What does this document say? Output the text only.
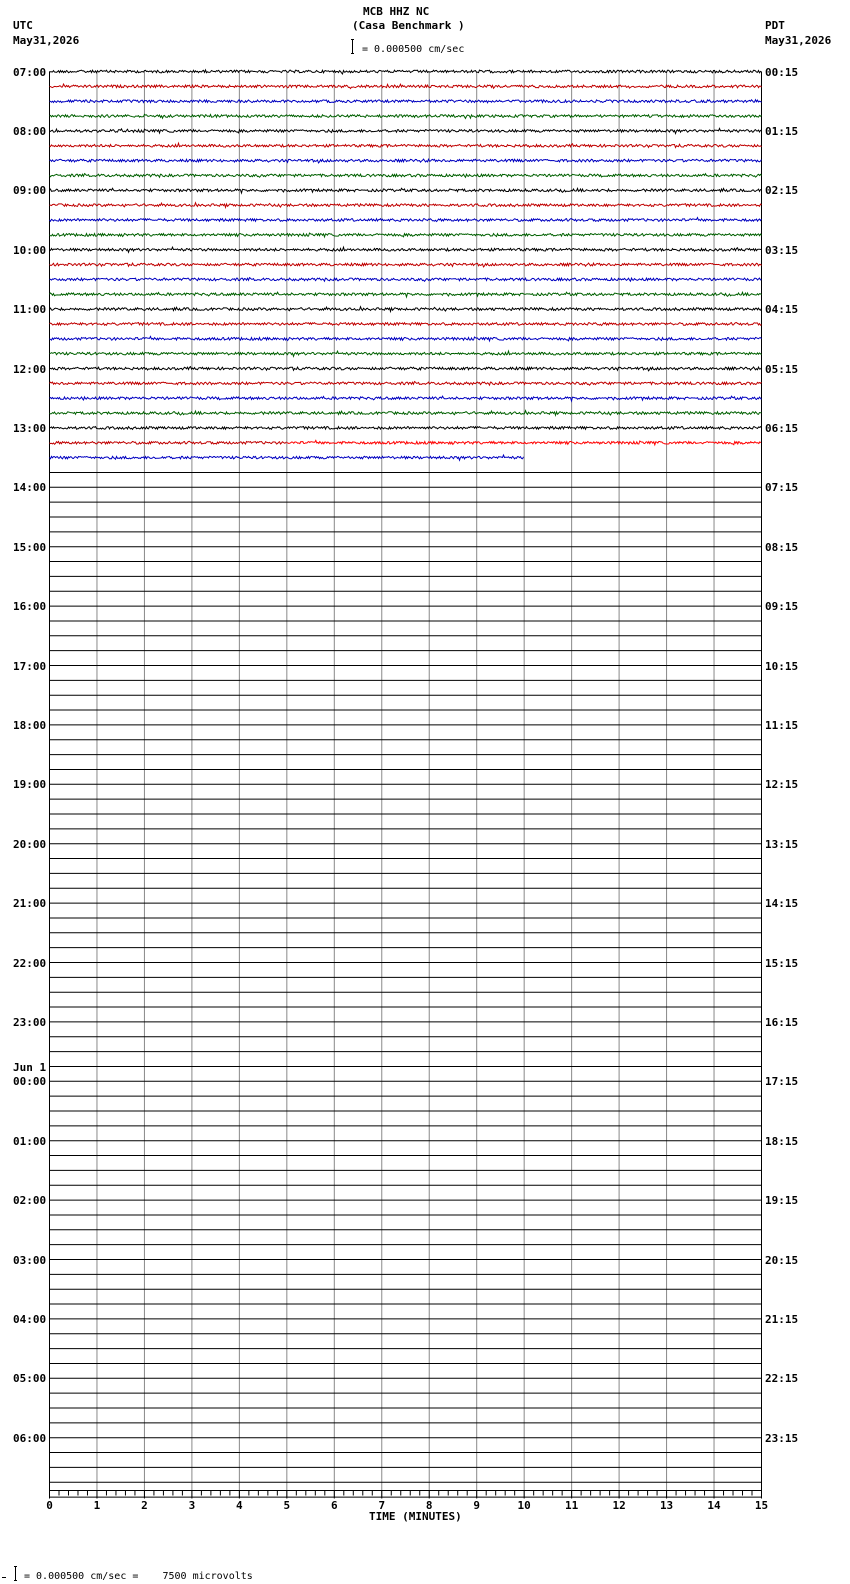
0	1	2	3	4	5	6	7	8	9	10	11	12	13	14	15
MCB HHZ NC
(Casa Benchmark )
= 0.000500 cm/sec
UTC
May31,2026
PDT
May31,2026
07:00
08:00
09:00
10:00
11:00
12:00
13:00
14:00
15:00
16:00
17:00
18:00
19:00
20:00
21:00
22:00
23:00
00:00
01:00
02:00
03:00
04:00
05:00
06:00
00:15
01:15
02:15
03:15
04:15
05:15
06:15
07:15
08:15
09:15
10:15
11:15
12:15
13:15
14:15
15:15
16:15
17:15
18:15
19:15
20:15
21:15
22:15
23:15
Jun 1
TIME (MINUTES)
= 0.000500 cm/sec =    7500 microvolts
